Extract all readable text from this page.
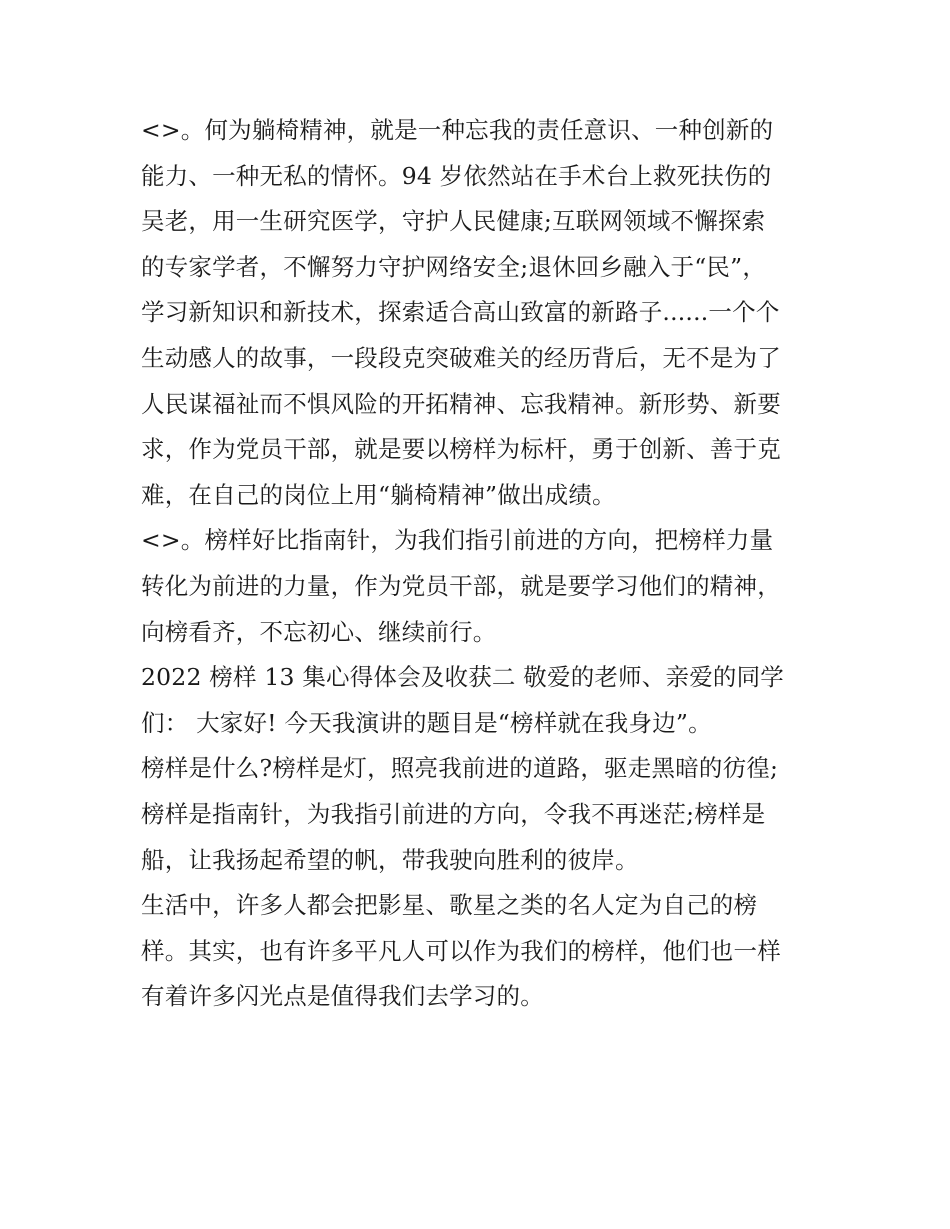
<>。何为躺椅精神，就是一种忘我的责任意识、一种创新的
能力、一种无私的情怀。94 岁依然站在手术台上救死扶伤的
吴老，用一生研究医学，守护人民健康;互联网领域不懈探索
的专家学者，不懈努力守护网络安全;退休回乡融入于“民”，
学习新知识和新技术，探索适合高山致富的新路子......一个个
生动感人的故事，一段段克突破难关的经历背后，无不是为了
人民谋福祉而不惧风险的开拓精神、忘我精神。新形势、新要
求，作为党员干部，就是要以榜样为标杆，勇于创新、善于克
难，在自己的岗位上用“躺椅精神”做出成绩。
<>。榜样好比指南针，为我们指引前进的方向，把榜样力量
转化为前进的力量，作为党员干部，就是要学习他们的精神，
向榜看齐，不忘初心、继续前行。
2022 榜样 13 集心得体会及收获二 敬爱的老师、亲爱的同学
们： 大家好! 今天我演讲的题目是“榜样就在我身边”。
榜样是什么?榜样是灯，照亮我前进的道路，驱走黑暗的彷徨;
榜样是指南针，为我指引前进的方向，令我不再迷茫;榜样是
船，让我扬起希望的帆，带我驶向胜利的彼岸。
生活中，许多人都会把影星、歌星之类的名人定为自己的榜
样。其实，也有许多平凡人可以作为我们的榜样，他们也一样
有着许多闪光点是值得我们去学习的。
